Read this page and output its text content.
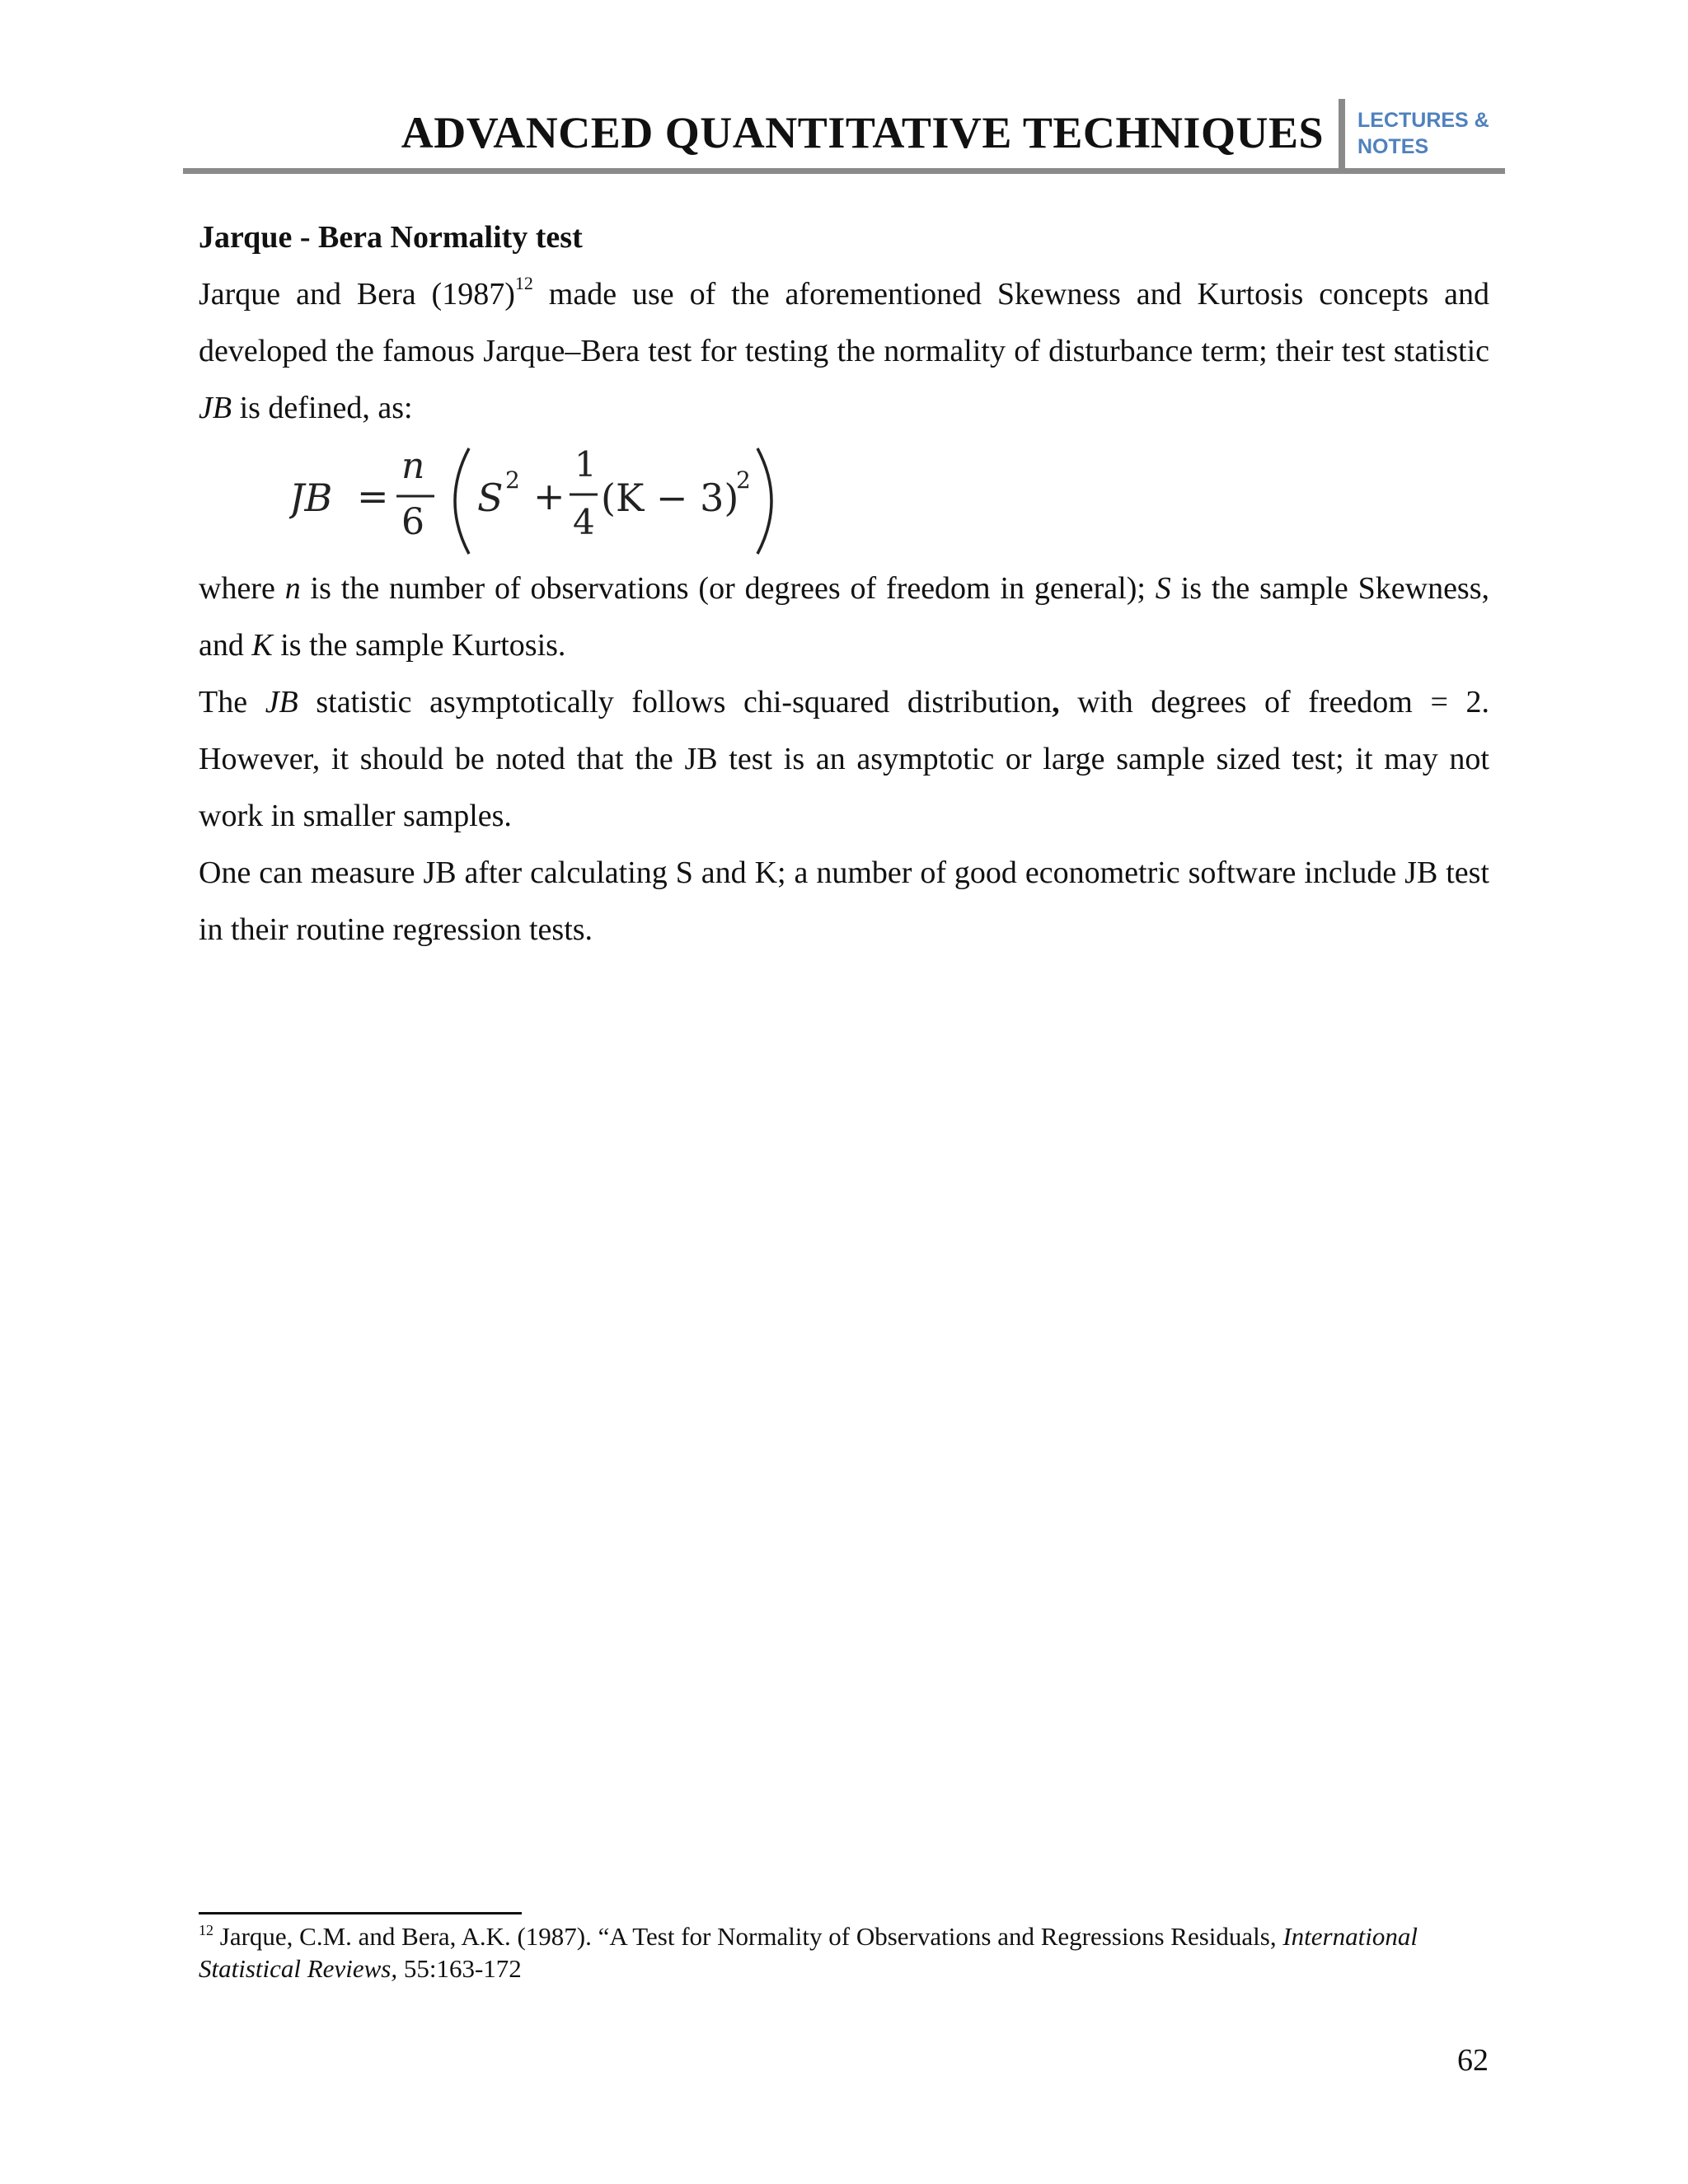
ADVANCED QUANTITATIVE TECHNIQUES LECTURES &
NOTES

Jarque - Bera Normality test

Jarque and Bera $(1987)^{12}$ made use of the aforementioned Skewness and Kurtosis concepts and developed the famous Jarque–Bera test for testing the normality of disturbance term; their test statistic JB is defined, as:

JB =
n
6
S 2 +
1
4
(K − 3)
2

where n is the number of observations (or degrees of freedom in general); S is the sample Skewness, and K is the sample Kurtosis.

The JB statistic asymptotically follows chi-squared distribution, with degrees of freedom = 2. However, it should be noted that the JB test is an asymptotic or large sample sized test; it may not work in smaller samples.

One can measure JB after calculating S and K; a number of good econometric software include JB test in their routine regression tests.

$^{12}$ Jarque, C.M. and Bera, A.K. (1987). “A Test for Normality of Observations and Regressions Residuals, International Statistical Reviews, 55:163-172
62
